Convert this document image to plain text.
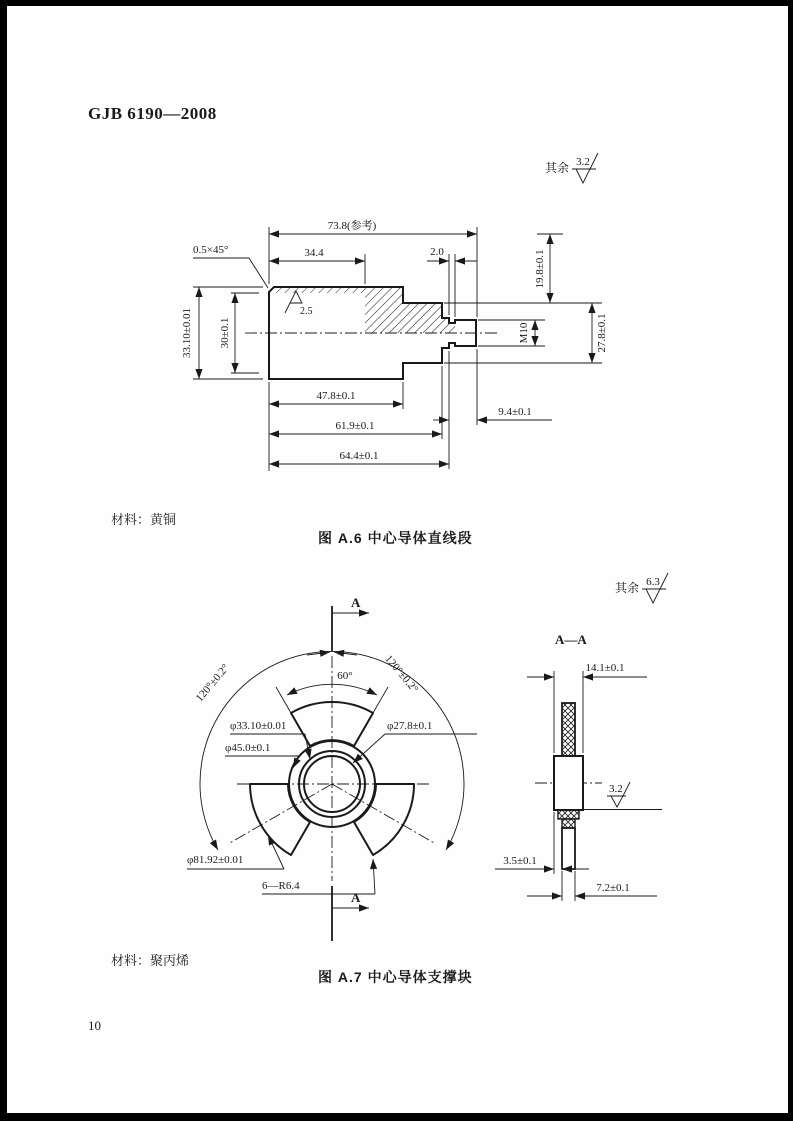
GJB 6190—2008
其余 3.2
0.5×45°
2.5
73.8(参考)
34.4	2.0
33.10±0.01 30±0.1
19.8±0.1
M10	27.8±0.1
47.8±0.1
9.4±0.1
61.9±0.1
64.4±0.1
材料：黄铜
图 A.6 中心导体直线段
其余 6.3
A
A
60°
120°±0.2°	120°±0.2°
φ33.10±0.01	φ27.8±0.1
φ45.0±0.1
φ81.92±0.01
6—R6.4
A—A
14.1±0.1
3.2
3.5±0.1
7.2±0.1
材料：聚丙烯
图 A.7 中心导体支撑块
10
